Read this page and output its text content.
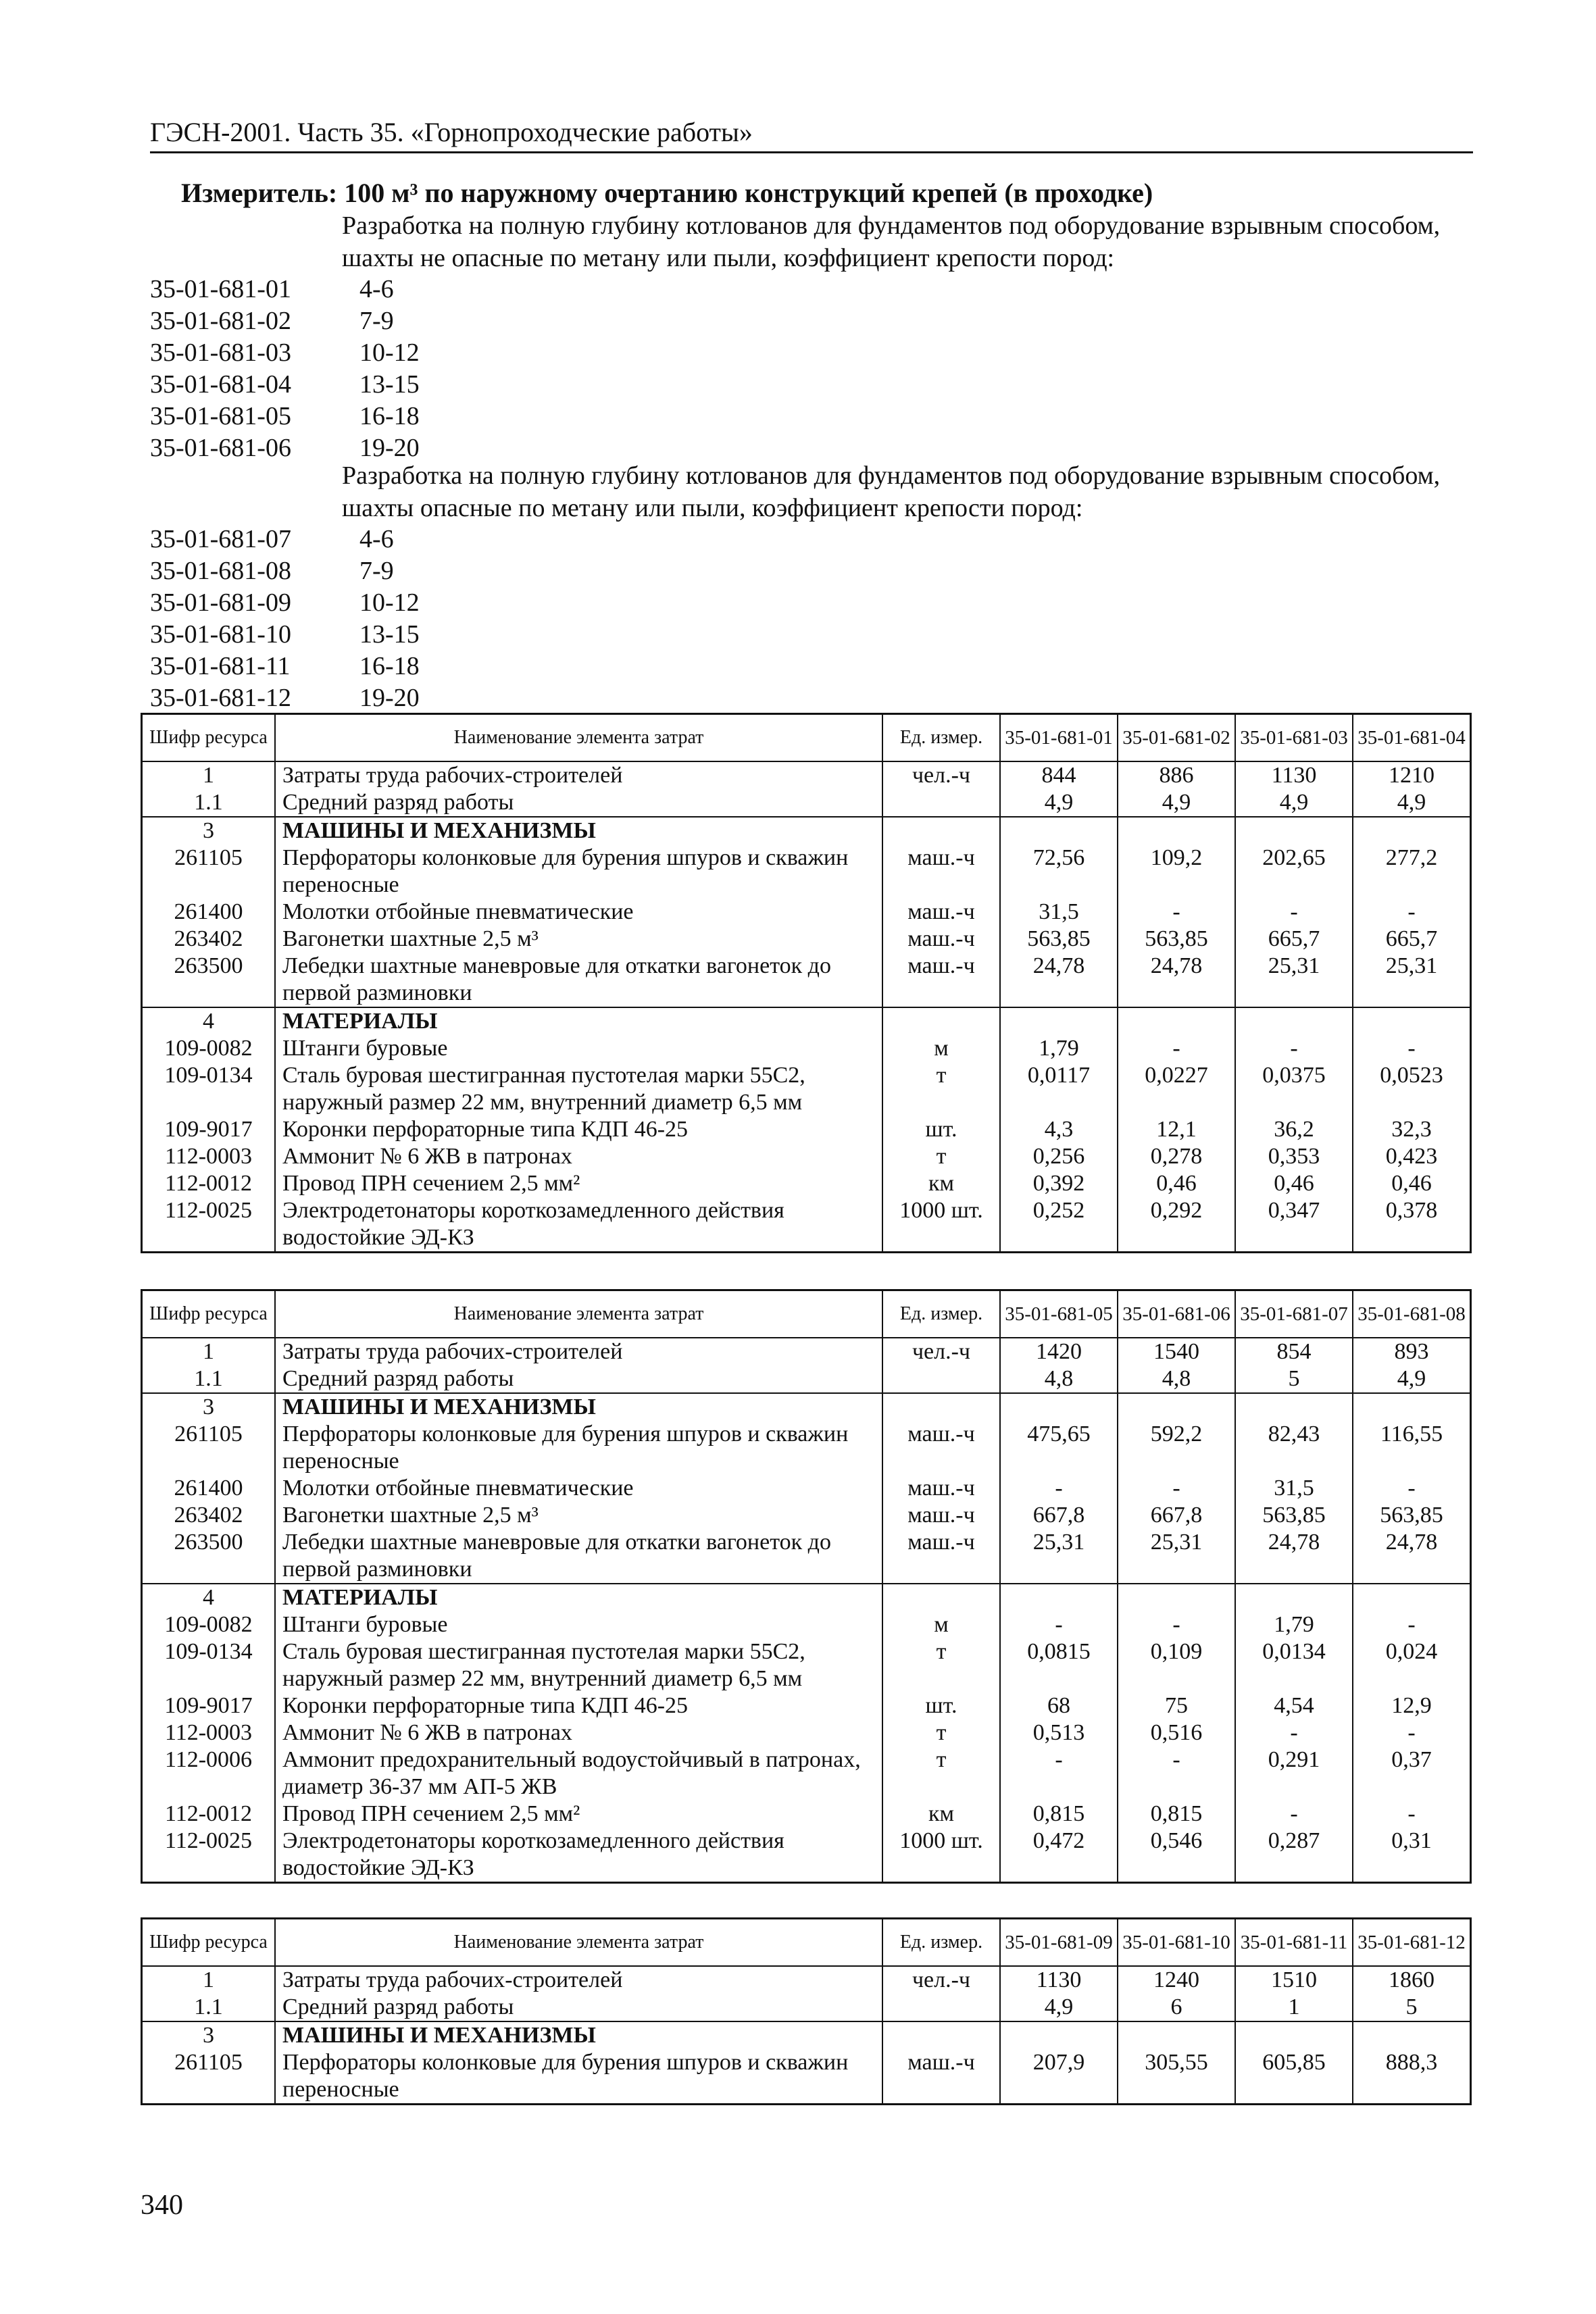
ГЭСН-2001. Часть 35. «Горнопроходческие работы»
Измеритель: 100 м³ по наружному очертанию конструкций крепей (в проходке)
Разработка на полную глубину котлованов для фундаментов под оборудование взрывным способом, шахты не опасные по метану или пыли, коэффициент крепости пород:
35-01-681-01	4-6
35-01-681-02	7-9
35-01-681-03	10-12
35-01-681-04	13-15
35-01-681-05	16-18
35-01-681-06	19-20
Разработка на полную глубину котлованов для фундаментов под оборудование взрывным способом, шахты опасные по метану или пыли, коэффициент крепости пород:
35-01-681-07	4-6
35-01-681-08	7-9
35-01-681-09	10-12
35-01-681-10	13-15
35-01-681-11	16-18
35-01-681-12	19-20
Шифр ресурса	Наименование элемента затрат	Ед. измер.	35-01-681-01	35-01-681-02	35-01-681-03	35-01-681-04
1	Затраты труда рабочих-строителей	чел.-ч	844	886	1130	1210
1.1	Средний разряд работы		4,9	4,9	4,9	4,9
3	МАШИНЫ И МЕХАНИЗМЫ					
261105	Перфораторы колонковые для бурения шпуров и скважин переносные	маш.-ч	72,56	109,2	202,65	277,2
261400	Молотки отбойные пневматические	маш.-ч	31,5	-	-	-
263402	Вагонетки шахтные 2,5 м³	маш.-ч	563,85	563,85	665,7	665,7
263500	Лебедки шахтные маневровые для откатки вагонеток до первой разминовки	маш.-ч	24,78	24,78	25,31	25,31
4	МАТЕРИАЛЫ					
109-0082	Штанги буровые	м	1,79	-	-	-
109-0134	Сталь буровая шестигранная пустотелая марки 55С2, наружный размер 22 мм, внутренний диаметр 6,5 мм	т	0,0117	0,0227	0,0375	0,0523
109-9017	Коронки перфораторные типа КДП 46-25	шт.	4,3	12,1	36,2	32,3
112-0003	Аммонит № 6 ЖВ в патронах	т	0,256	0,278	0,353	0,423
112-0012	Провод ПРН сечением 2,5 мм²	км	0,392	0,46	0,46	0,46
112-0025	Электродетонаторы короткозамедленного действия водостойкие ЭД-КЗ	1000 шт.	0,252	0,292	0,347	0,378
Шифр ресурса	Наименование элемента затрат	Ед. измер.	35-01-681-05	35-01-681-06	35-01-681-07	35-01-681-08
1	Затраты труда рабочих-строителей	чел.-ч	1420	1540	854	893
1.1	Средний разряд работы		4,8	4,8	5	4,9
3	МАШИНЫ И МЕХАНИЗМЫ					
261105	Перфораторы колонковые для бурения шпуров и скважин переносные	маш.-ч	475,65	592,2	82,43	116,55
261400	Молотки отбойные пневматические	маш.-ч	-	-	31,5	-
263402	Вагонетки шахтные 2,5 м³	маш.-ч	667,8	667,8	563,85	563,85
263500	Лебедки шахтные маневровые для откатки вагонеток до первой разминовки	маш.-ч	25,31	25,31	24,78	24,78
4	МАТЕРИАЛЫ					
109-0082	Штанги буровые	м	-	-	1,79	-
109-0134	Сталь буровая шестигранная пустотелая марки 55С2, наружный размер 22 мм, внутренний диаметр 6,5 мм	т	0,0815	0,109	0,0134	0,024
109-9017	Коронки перфораторные типа КДП 46-25	шт.	68	75	4,54	12,9
112-0003	Аммонит № 6 ЖВ в патронах	т	0,513	0,516	-	-
112-0006	Аммонит предохранительный водоустойчивый в патронах, диаметр 36-37 мм АП-5 ЖВ	т	-	-	0,291	0,37
112-0012	Провод ПРН сечением 2,5 мм²	км	0,815	0,815	-	-
112-0025	Электродетонаторы короткозамедленного действия водостойкие ЭД-КЗ	1000 шт.	0,472	0,546	0,287	0,31
Шифр ресурса	Наименование элемента затрат	Ед. измер.	35-01-681-09	35-01-681-10	35-01-681-11	35-01-681-12
1	Затраты труда рабочих-строителей	чел.-ч	1130	1240	1510	1860
1.1	Средний разряд работы		4,9	6	1	5
3	МАШИНЫ И МЕХАНИЗМЫ					
261105	Перфораторы колонковые для бурения шпуров и скважин переносные	маш.-ч	207,9	305,55	605,85	888,3
340
